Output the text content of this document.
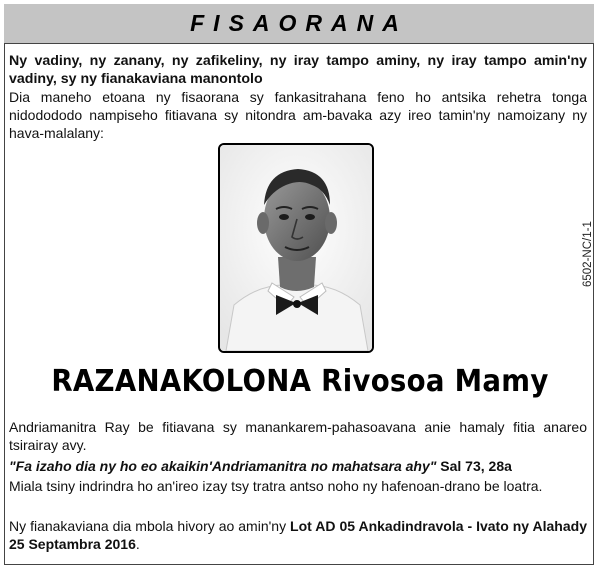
FISAORANA
Ny vadiny, ny zanany, ny zafikeliny, ny iray tampo aminy, ny iray tampo amin'ny vadiny, sy ny fianakaviana manontolo
Dia maneho etoana ny fisaorana sy fankasitrahana feno ho antsika rehetra tonga nidodododo nampiseho fitiavana sy nitondra am-bavaka azy ireo tamin'ny namoizany ny hava-malalany:
6502-NC/1-1
RAZANAKOLONA Rivosoa Mamy
Andriamanitra Ray be fitiavana sy manankarem-pahasoavana anie hamaly fitia anareo tsirairay avy.
"Fa izaho dia ny ho eo akaikin'Andriamanitra no mahatsara ahy" Sal 73, 28a
Miala tsiny indrindra ho an'ireo izay tsy tratra antso noho ny hafenoan-drano be loatra.
Ny fianakaviana dia mbola hivory ao amin'ny Lot AD 05 Ankadindravola - Ivato ny Alahady 25 Septambra 2016.
